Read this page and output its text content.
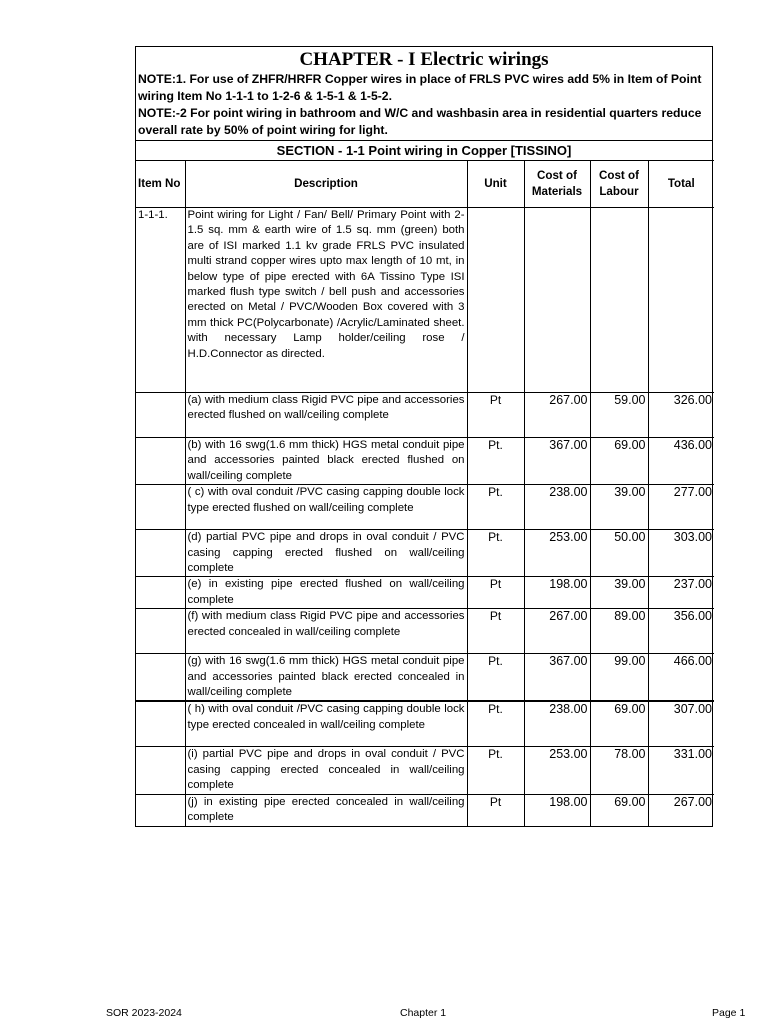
CHAPTER - I Electric wirings
NOTE:1. For use of ZHFR/HRFR Copper wires in place of FRLS PVC wires add 5% in Item of Point wiring Item No 1-1-1 to 1-2-6 & 1-5-1 & 1-5-2.
NOTE:-2 For point wiring in bathroom and W/C and washbasin area in residential quarters reduce overall rate by 50% of point wiring for light.
SECTION - 1-1 Point wiring in Copper [TISSINO]
Item No	Description	Unit	Cost of Materials	Cost of Labour	Total
1-1-1.	Point wiring for Light / Fan/ Bell/ Primary Point with 2-1.5 sq. mm & earth wire of 1.5 sq. mm (green) both are of ISI marked 1.1 kv grade FRLS PVC insulated multi strand copper wires upto max length of 10 mt, in below type of pipe erected with 6A Tissino Type ISI marked flush type switch / bell push and accessories erected on Metal / PVC/Wooden Box covered with 3 mm thick PC(Polycarbonate) /Acrylic/Laminated sheet. with necessary Lamp holder/ceiling rose / H.D.Connector as directed.				
	(a) with medium class Rigid PVC pipe and accessories erected flushed on wall/ceiling complete	Pt	267.00	59.00	326.00
	(b) with 16 swg(1.6 mm thick) HGS metal conduit pipe and accessories painted black erected flushed on wall/ceiling complete	Pt.	367.00	69.00	436.00
	( c) with oval conduit /PVC casing capping double lock type erected flushed on wall/ceiling complete	Pt.	238.00	39.00	277.00
	(d) partial PVC pipe and drops in oval conduit / PVC casing capping erected flushed on wall/ceiling complete	Pt.	253.00	50.00	303.00
	(e) in existing pipe erected flushed on wall/ceiling complete	Pt	198.00	39.00	237.00
	(f) with medium class Rigid PVC pipe and accessories erected concealed in wall/ceiling complete	Pt	267.00	89.00	356.00
	(g) with 16 swg(1.6 mm thick) HGS metal conduit pipe and accessories painted black erected concealed in wall/ceiling complete	Pt.	367.00	99.00	466.00
	( h) with oval conduit /PVC casing capping double lock type erected concealed in wall/ceiling complete	Pt.	238.00	69.00	307.00
	(i) partial PVC pipe and drops in oval conduit / PVC casing capping erected concealed in wall/ceiling complete	Pt.	253.00	78.00	331.00
	(j) in existing pipe erected concealed in wall/ceiling complete	Pt	198.00	69.00	267.00
SOR 2023-2024	Chapter 1	Page 1
